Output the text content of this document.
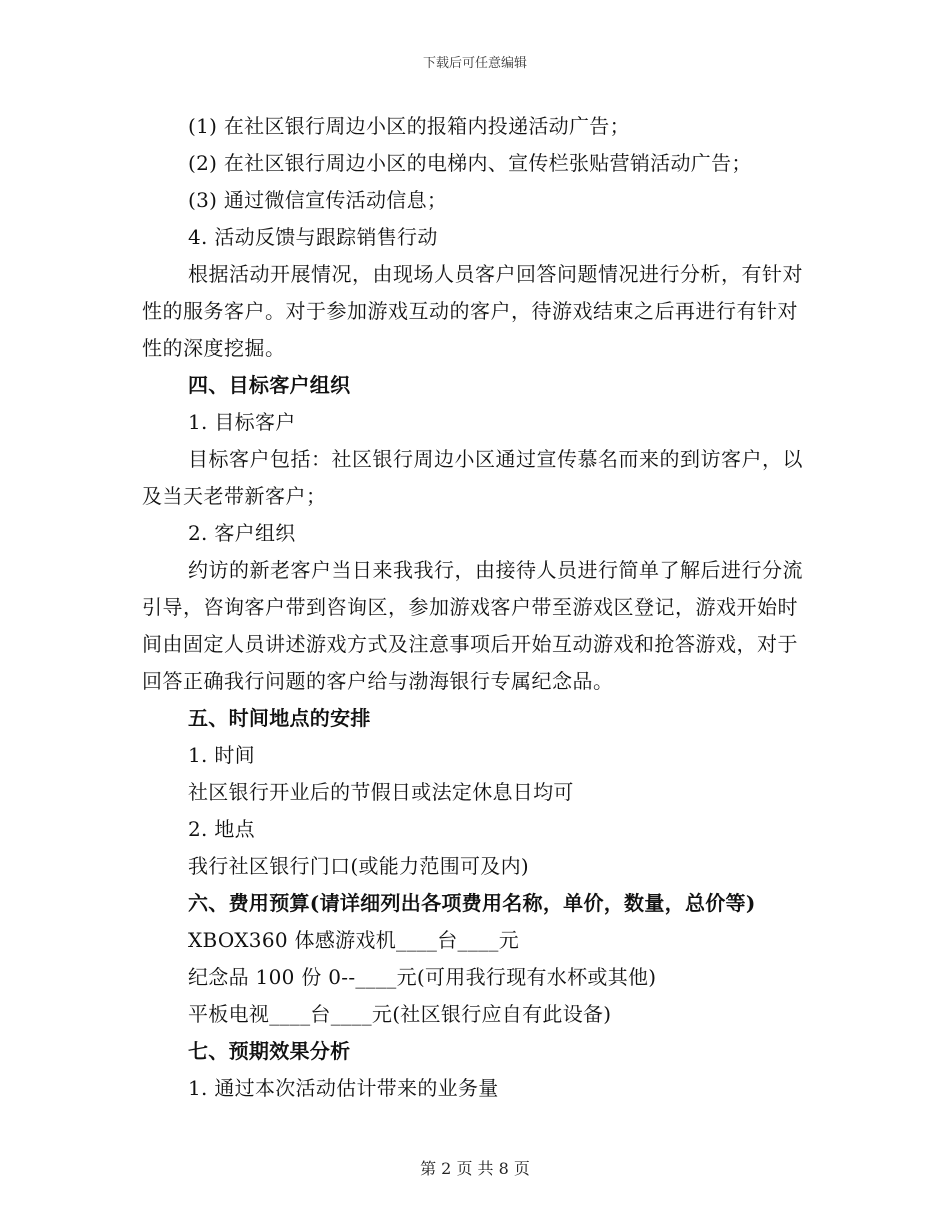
下载后可任意编辑
(1) 在社区银行周边小区的报箱内投递活动广告；
(2) 在社区银行周边小区的电梯内、宣传栏张贴营销活动广告；
(3) 通过微信宣传活动信息；
4. 活动反馈与跟踪销售行动
根据活动开展情况，由现场人员客户回答问题情况进行分析，有针对性的服务客户。对于参加游戏互动的客户，待游戏结束之后再进行有针对性的深度挖掘。
四、目标客户组织
1. 目标客户
目标客户包括：社区银行周边小区通过宣传慕名而来的到访客户，以及当天老带新客户；
2. 客户组织
约访的新老客户当日来我我行，由接待人员进行简单了解后进行分流引导，咨询客户带到咨询区，参加游戏客户带至游戏区登记，游戏开始时间由固定人员讲述游戏方式及注意事项后开始互动游戏和抢答游戏，对于回答正确我行问题的客户给与渤海银行专属纪念品。
五、时间地点的安排
1. 时间
社区银行开业后的节假日或法定休息日均可
2. 地点
我行社区银行门口(或能力范围可及内)
六、费用预算(请详细列出各项费用名称，单价，数量，总价等)
XBOX360 体感游戏机____台____元
纪念品 100 份 0--____元(可用我行现有水杯或其他)
平板电视____台____元(社区银行应自有此设备)
七、预期效果分析
1. 通过本次活动估计带来的业务量
第 2 页 共 8 页
